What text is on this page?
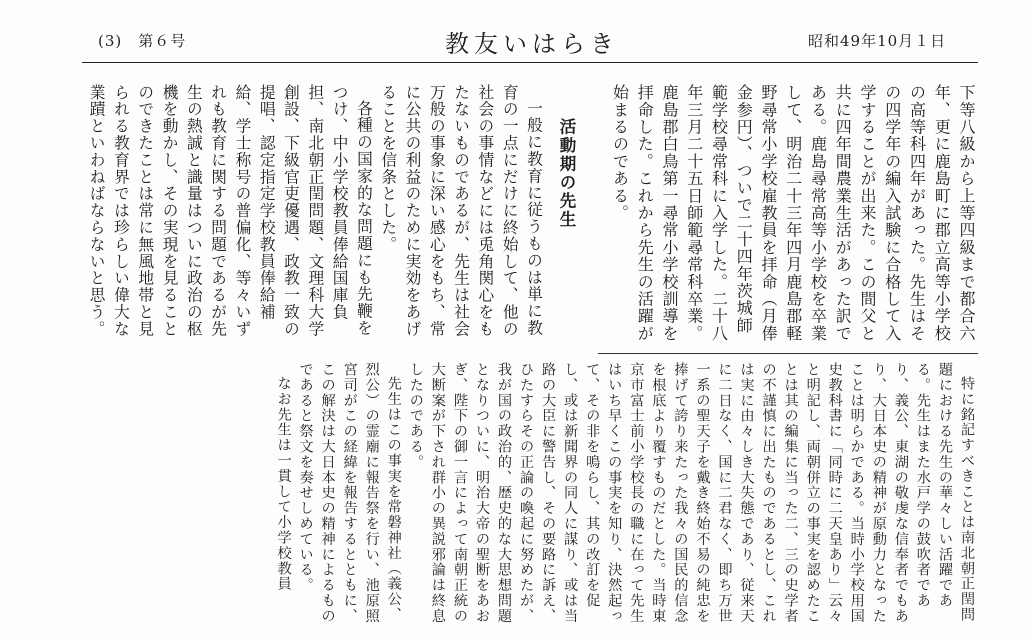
(3)　第６号	教友いはらき	昭和49年10月１日

下等八級から上等四級まで都合六年、更に鹿島町に郡立高等小学校の高等科四年があった。先生はその四学年の編入試験に合格して入学することが出来た。この間父と共に四年間農業生活があった訳である。鹿島尋常高等小学校を卒業して、明治二十三年四月鹿島郡軽野尋常小学校雇教員を拝命（月俸金参円）、ついで二十四年茨城師範学校尋常科に入学した。二十八年三月二十五日師範尋常科卒業。鹿島郡白鳥第一尋常小学校訓導を拝命した。これから先生の活躍が始まるのである。

活動期の先生

一般に教育に従うものは単に教育の一点にだけに終始して、他の社会の事情などには兎角関心をもたないものであるが、先生は社会万般の事象に深い感心をもち、常に公共の利益のために実効をあげることを信条とした。

各種の国家的な問題にも先鞭をつけ、中小学校教員俸給国庫負担、南北朝正閏問題、文理科大学創設、下級官吏優遇、政教一致の提唱、認定指定学校教員俸給補給、学士称号の普偏化、等々いずれも教育に関する問題であるが先生の熱誠と識量はついに政治の枢機を動かし、その実現を見ることのできたことは常に無風地帯と見られる教育界では珍らしい偉大な業蹟といわねばならないと思う。

特に銘記すべきことは南北朝正閏問題における先生の華々しい活躍である。先生はまた水戸学の鼓吹者であり、義公、東湖の敬虔な信奉者でもあり、大日本史の精神が原動力となったことは明らかである。当時小学校用国史教科書に「同時に二天皇あり」云々と明記し、両朝併立の事実を認めたことは其の編集に当った二、三の史学者の不謹慎に出たものであるとし、これは実に由々しき大失態であり、従来天に二日なく、国に二君なく、即ち万世一系の聖天子を戴き終始不易の純忠を捧げて誇り来たった我々の国民的信念を根底より覆すものだとした。当時東京市富士前小学校長の職に在って先生はいち早くこの事実を知り、決然起って、その非を鳴らし、其の改訂を促し、或は新聞界の同人に謀り、或は当路の大臣に警告し、その要路に訴え、ひたすらその正論の喚起に努めたが、我が国の政治的、歴史的な大思想問題となりついに、明治大帝の聖断をあおぎ、陛下の御一言によって南朝正統の大断案が下され群小の異説邪論は終息したのである。

先生はこの事実を常磐神社（義公、烈公）の霊廟に報告祭を行い、池原照宮司がこの経緯を報告するとともに、この解決は大日本史の精神によるものであると祭文を奏せしめている。

なお先生は一貫して小学校教員
